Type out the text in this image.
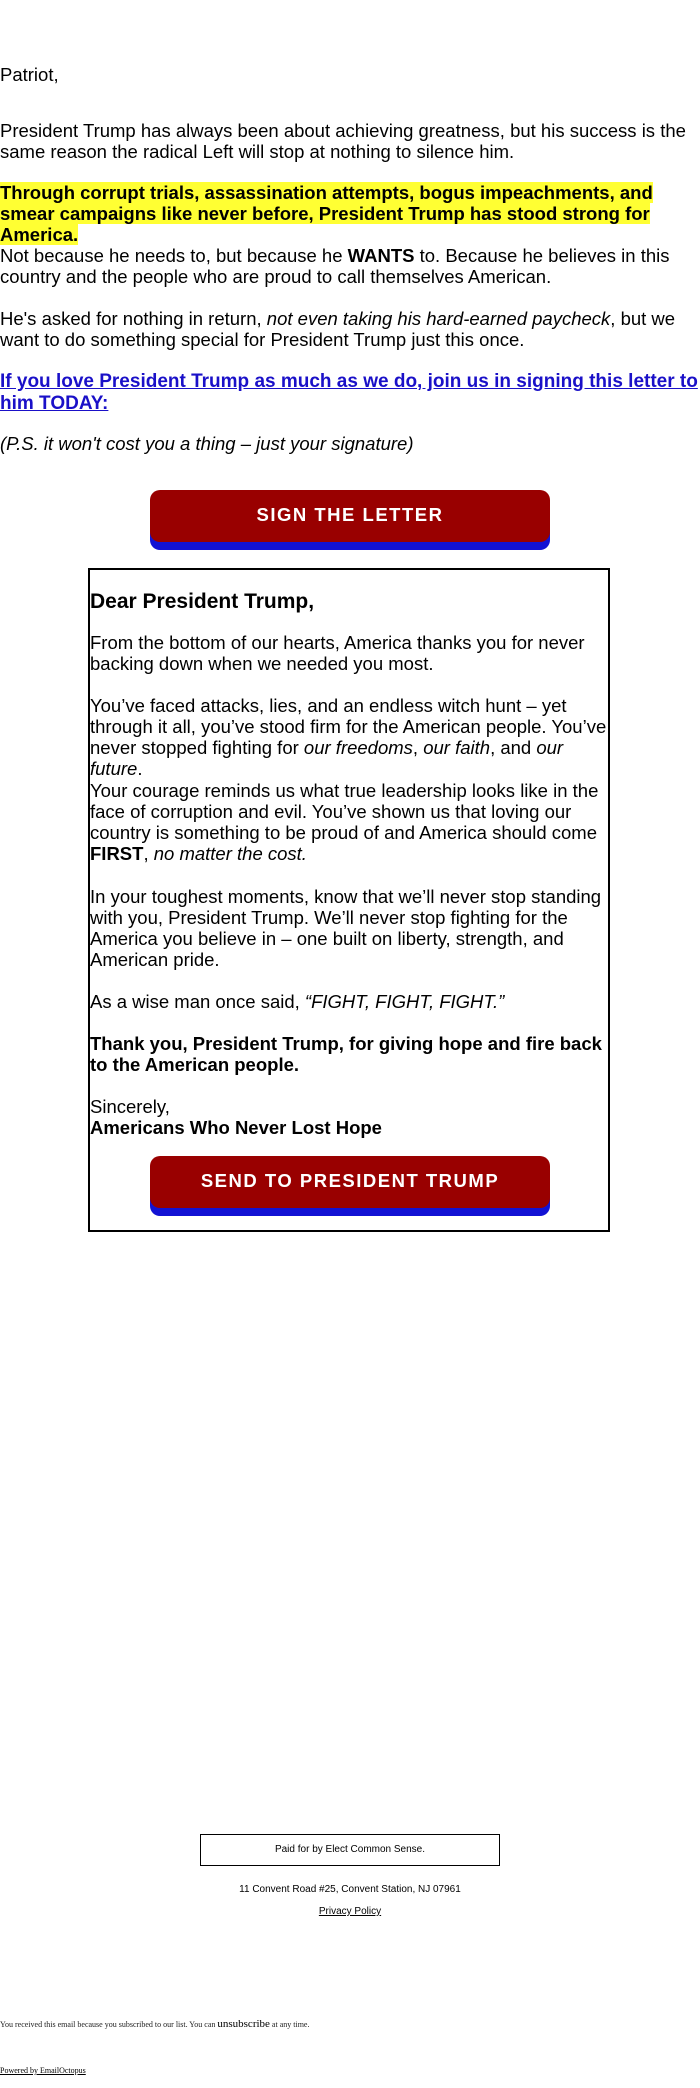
Patriot,

President Trump has always been about achieving greatness, but his success is the same reason the radical Left will stop at nothing to silence him.

Through corrupt trials, assassination attempts, bogus impeachments, and smear campaigns like never before, President Trump has stood strong for America.

Not because he needs to, but because he WANTS to. Because he believes in this country and the people who are proud to call themselves American.

He's asked for nothing in return, not even taking his hard-earned paycheck, but we want to do something special for President Trump just this once.

If you love President Trump as much as we do, join us in signing this letter to him TODAY:

(P.S. it won't cost you a thing – just your signature)

SIGN THE LETTER

Dear President Trump,

From the bottom of our hearts, America thanks you for never backing down when we needed you most.

You’ve faced attacks, lies, and an endless witch hunt – yet through it all, you’ve stood firm for the American people. You’ve never stopped fighting for our freedoms, our faith, and our future.

Your courage reminds us what true leadership looks like in the face of corruption and evil. You’ve shown us that loving our country is something to be proud of and America should come FIRST, no matter the cost.

In your toughest moments, know that we’ll never stop standing with you, President Trump. We’ll never stop fighting for the America you believe in – one built on liberty, strength, and American pride.

As a wise man once said, “FIGHT, FIGHT, FIGHT.”

Thank you, President Trump, for giving hope and fire back to the American people.

Sincerely,

Americans Who Never Lost Hope

SEND TO PRESIDENT TRUMP
Paid for by Elect Common Sense.
11 Convent Road #25, Convent Station, NJ 07961
Privacy Policy
You received this email because you subscribed to our list. You can unsubscribe at any time.
Powered by EmailOctopus
